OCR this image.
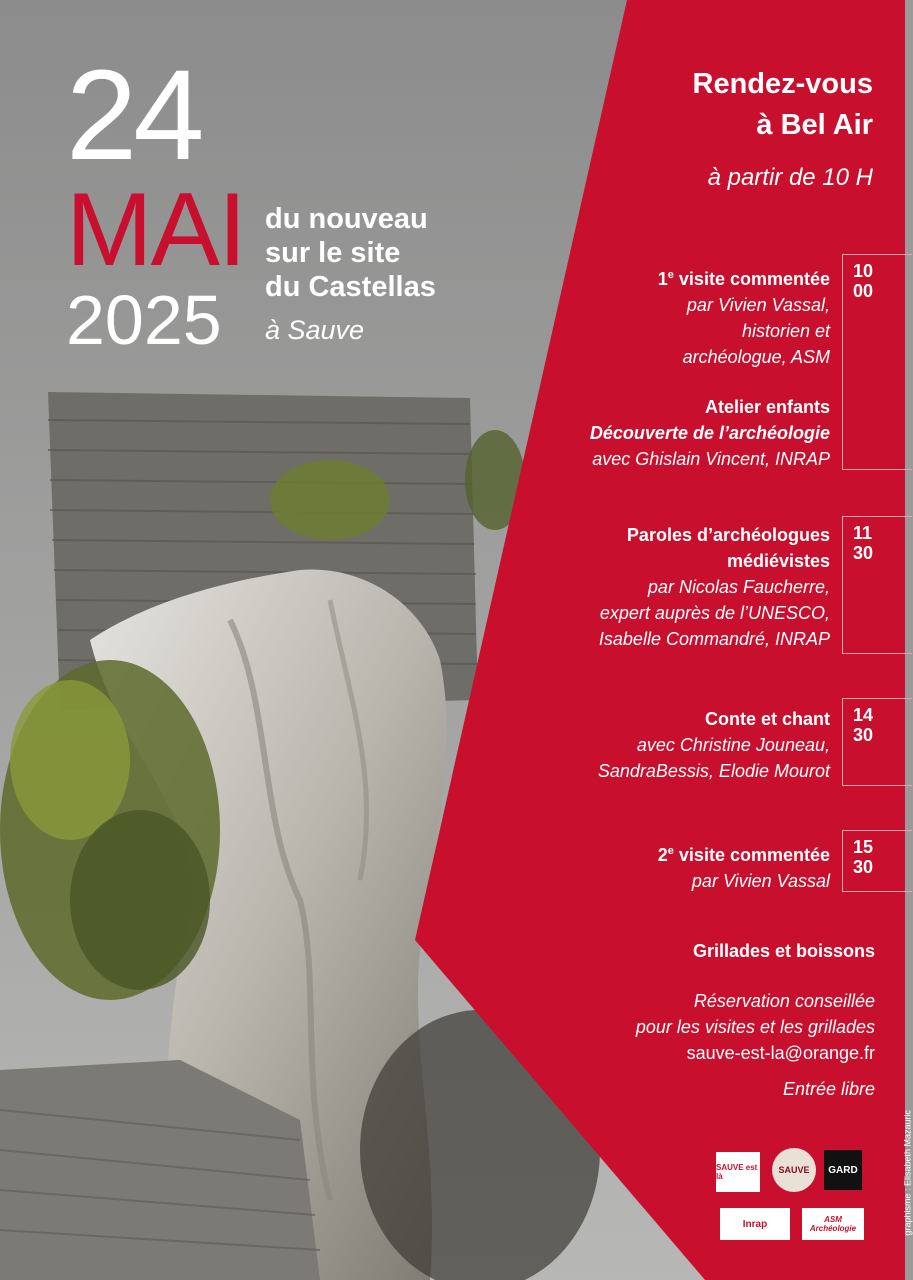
24
MAI
2025
du nouveau
sur le site
du Castellas
à Sauve
Rendez-vous
à Bel Air
à partir de 10 H
1e visite commentée
par Vivien Vassal,
historien et
archéologue, ASM
10
00
Atelier enfants
Découverte de l’archéologie
avec Ghislain Vincent, INRAP
Paroles d’archéologues
médiévistes
par Nicolas Faucherre,
expert auprès de l’UNESCO,
Isabelle Commandré, INRAP
11
30
Conte et chant
avec Christine Jouneau,
SandraBessis, Elodie Mourot
14
30
2e visite commentée
par Vivien Vassal
15
30
Grillades et boissons
Réservation conseillée
pour les visites et les grillades
sauve-est-la@orange.fr
Entrée libre
SAUVE est là
SAUVE GARD
Inrap	ASM Archéologie	graphisme : Elisabeth Mazauric
